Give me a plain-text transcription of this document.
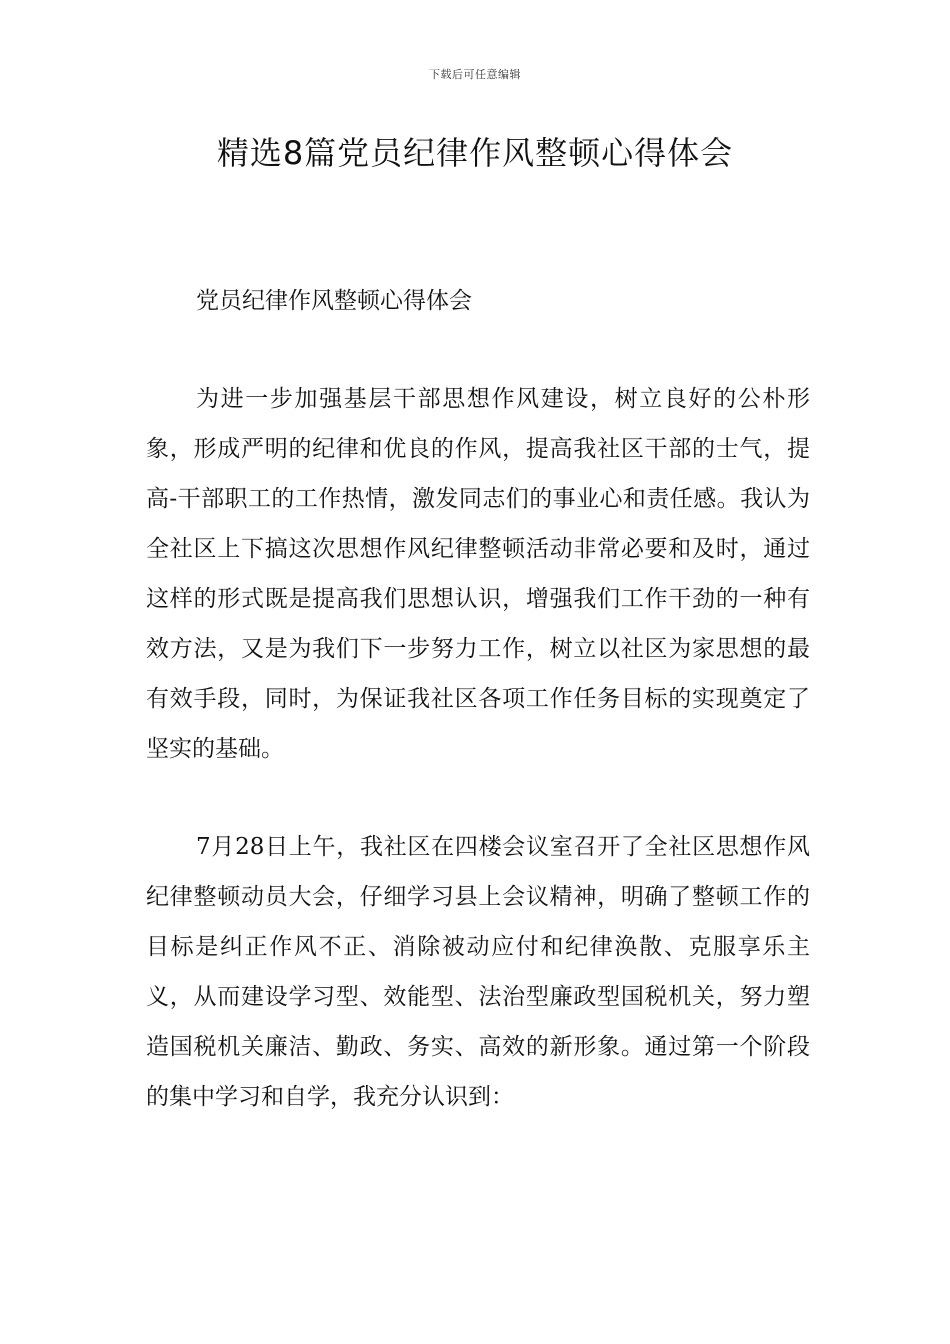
下载后可任意编辑
精选8篇党员纪律作风整顿心得体会

党员纪律作风整顿心得体会

为进一步加强基层干部思想作风建设，树立良好的公朴形象，形成严明的纪律和优良的作风，提高我社区干部的士气，提高-干部职工的工作热情，激发同志们的事业心和责任感。我认为全社区上下搞这次思想作风纪律整顿活动非常必要和及时，通过这样的形式既是提高我们思想认识，增强我们工作干劲的一种有效方法，又是为我们下一步努力工作，树立以社区为家思想的最有效手段，同时，为保证我社区各项工作任务目标的实现奠定了坚实的基础。

7月28日上午，我社区在四楼会议室召开了全社区思想作风纪律整顿动员大会，仔细学习县上会议精神，明确了整顿工作的目标是纠正作风不正、消除被动应付和纪律涣散、克服享乐主义，从而建设学习型、效能型、法治型廉政型国税机关，努力塑造国税机关廉洁、勤政、务实、高效的新形象。通过第一个阶段的集中学习和自学，我充分认识到：
